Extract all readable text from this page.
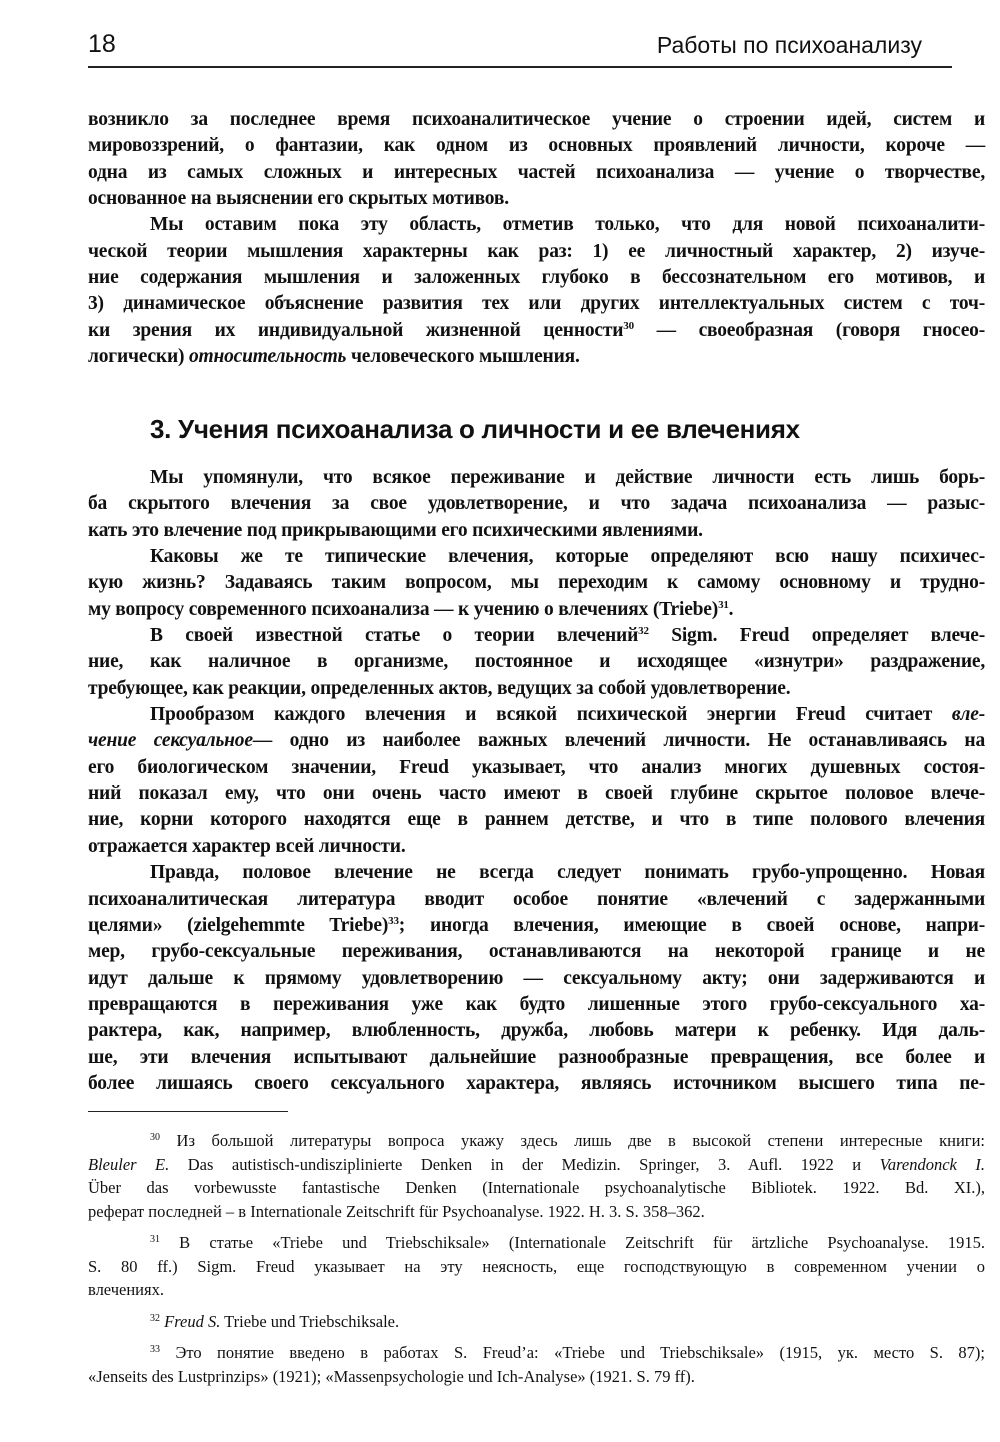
18	Работы по психоанализу
возникло за последнее время психоаналитическое учение о строении идей, систем и
мировоззрений, о фантазии, как одном из основных проявлений личности, короче —
одна из самых сложных и интересных частей психоанализа — учение о творчестве,
основанное на выяснении его скрытых мотивов.
Мы оставим пока эту область, отметив только, что для новой психоаналити-
ческой теории мышления характерны как раз: 1) ее личностный характер, 2) изуче-
ние содержания мышления и заложенных глубоко в бессознательном его мотивов, и
3) динамическое объяснение развития тех или других интеллектуальных систем с точ-
ки зрения их индивидуальной жизненной ценности$^{30}$ — своеобразная (говоря гносео-
логически) относительность человеческого мышления.
3. Учения психоанализа о личности и ее влечениях
Мы упомянули, что всякое переживание и действие личности есть лишь борь-
ба скрытого влечения за свое удовлетворение, и что задача психоанализа — разыс-
кать это влечение под прикрывающими его психическими явлениями.
Каковы же те типические влечения, которые определяют всю нашу психичес-
кую жизнь? Задаваясь таким вопросом, мы переходим к самому основному и трудно-
му вопросу современного психоанализа — к учению о влечениях (Triebe)$^{31}$.
В своей известной статье о теории влечений$^{32}$ Sigm. Freud определяет влече-
ние, как наличное в организме, постоянное и исходящее «изнутри» раздражение,
требующее, как реакции, определенных актов, ведущих за собой удовлетворение.
Прообразом каждого влечения и всякой психической энергии Freud считает вле-
чение сексуальное— одно из наиболее важных влечений личности. Не останавливаясь на
его биологическом значении, Freud указывает, что анализ многих душевных состоя-
ний показал ему, что они очень часто имеют в своей глубине скрытое половое влече-
ние, корни которого находятся еще в раннем детстве, и что в типе полового влечения
отражается характер всей личности.
Правда, половое влечение не всегда следует понимать грубо-упрощенно. Новая
психоаналитическая литература вводит особое понятие «влечений с задержанными
целями» (zielgehemmte Triebe)$^{33}$; иногда влечения, имеющие в своей основе, напри-
мер, грубо-сексуальные переживания, останавливаются на некоторой границе и не
идут дальше к прямому удовлетворению — сексуальному акту; они задерживаются и
превращаются в переживания уже как будто лишенные этого грубо-сексуального ха-
рактера, как, например, влюбленность, дружба, любовь матери к ребенку. Идя даль-
ше, эти влечения испытывают дальнейшие разнообразные превращения, все более и
более лишаясь своего сексуального характера, являясь источником высшего типа пе-
$^{30}$ Из большой литературы вопроса укажу здесь лишь две в высокой степени интересные книги:
Bleuler E. Das autistisch-undisziplinierte Denken in der Medizin. Springer, 3. Aufl. 1922 и Varendonck I.
Über das vorbewusste fantastische Denken (Internationale psychoanalytische Bibliotek. 1922. Bd. XI.),
реферат последней – в Internationale Zeitschrift für Psychoanalyse. 1922. H. 3. S. 358–362.
$^{31}$ В статье «Triebe und Triebschiksale» (Internationale Zeitschrift für ärtzliche Psychoanalyse. 1915.
S. 80 ff.) Sigm. Freud указывает на эту неясность, еще господствующую в современном учении о
влечениях.
$^{32}$ Freud S. Triebe und Triebschiksale.
$^{33}$ Это понятие введено в работах S. Freud’a: «Triebe und Triebschiksale» (1915, ук. место S. 87);
«Jenseits des Lustprinzips» (1921); «Massenpsychologie und Ich-Analyse» (1921. S. 79 ff).
